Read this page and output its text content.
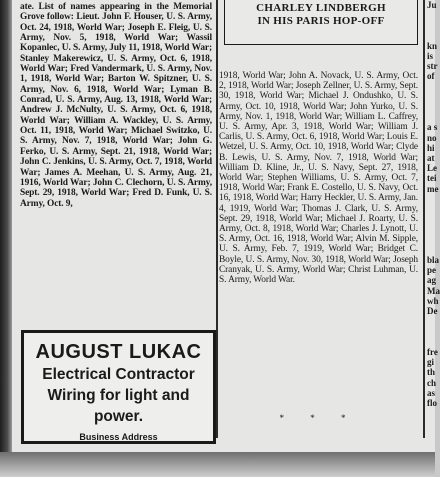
ate. List of names appearing in the Memorial Grove follow: Lieut. John F. Houser, U. S. Army, Oct. 24, 1918, World War; Joseph E. Fleig, U. S. Army, Nov. 5, 1918, World War; Wassil Kopanlec, U. S. Army, July 11, 1918, World War; Stanley Makerewicz, U. S. Army, Oct. 6, 1918, World War; Fred Vandermark, U. S. Army, Nov. 1, 1918, World War; Barton W. Spitzner, U. S. Army, Nov. 6, 1918, World War; Lyman B. Conrad, U. S. Army, Aug. 13, 1918, World War; Andrew J. McNulty, U. S. Army, Oct. 6, 1918, World War; William A. Wackley, U. S. Army, Oct. 11, 1918, World War; Michael Switzko, U. S. Army, Nov. 7, 1918, World War; John G. Ferko, U. S. Army, Sept. 21, 1918, World War; John C. Jenkins, U. S. Army, Oct. 7, 1918, World War; James A. Meehan, U. S. Army, Aug. 21, 1916, World War; John C. Clechorn, U. S. Army, Sept. 29, 1918, World War; Fred D. Funk, U. S. Army, Oct. 9,

AUGUST LUKAC
Electrical Contractor
Wiring for light and
power.
Business Address
CHARLEY LINDBERGH
IN HIS PARIS HOP-OFF

1918, World War; John A. Novack, U. S. Army, Oct. 2, 1918, World War; Joseph Zellner, U. S. Army, Sept. 30, 1918, World War; Michael J. Ondushko, U. S. Army, Oct. 10, 1918, World War; John Yurko, U. S. Army, Nov. 1, 1918, World War; William L. Caffrey, U. S. Army, Apr. 3, 1918, World War; William J. Carlis, U. S. Army, Oct. 6, 1918, World War; Louis E. Wetzel, U. S. Army, Oct. 10, 1918, World War; Clyde B. Lewis, U. S. Army, Nov. 7, 1918, World War; William D. Kline, Jr., U. S. Navy, Sept. 27, 1918, World War; Stephen Williams, U. S. Army, Oct. 7, 1918, World War; Frank E. Costello, U. S. Navy, Oct. 16, 1918, World War; Harry Heckler, U. S. Army, Jan. 4, 1919, World War; Thomas J. Clark, U. S. Army, Sept. 29, 1918, World War; Michael J. Roarty, U. S. Army, Oct. 8, 1918, World War; Charles J. Lynott, U. S. Army, Oct. 16, 1918, World War; Alvin M. Sipple, U. S. Army, Feb. 7, 1919, World War; Bridget C. Boyle, U. S. Army, Nov. 30, 1918, World War; Joseph Cranyak, U. S. Army, World War; Christ Luhman, U. S. Army, World War.

* * *
Ju

kn
is
str
of

a s
no
hi
at
Le
tei
me

bla
pe
ag
Ma
wh
De

fre
gi
th
ch
as
flo
